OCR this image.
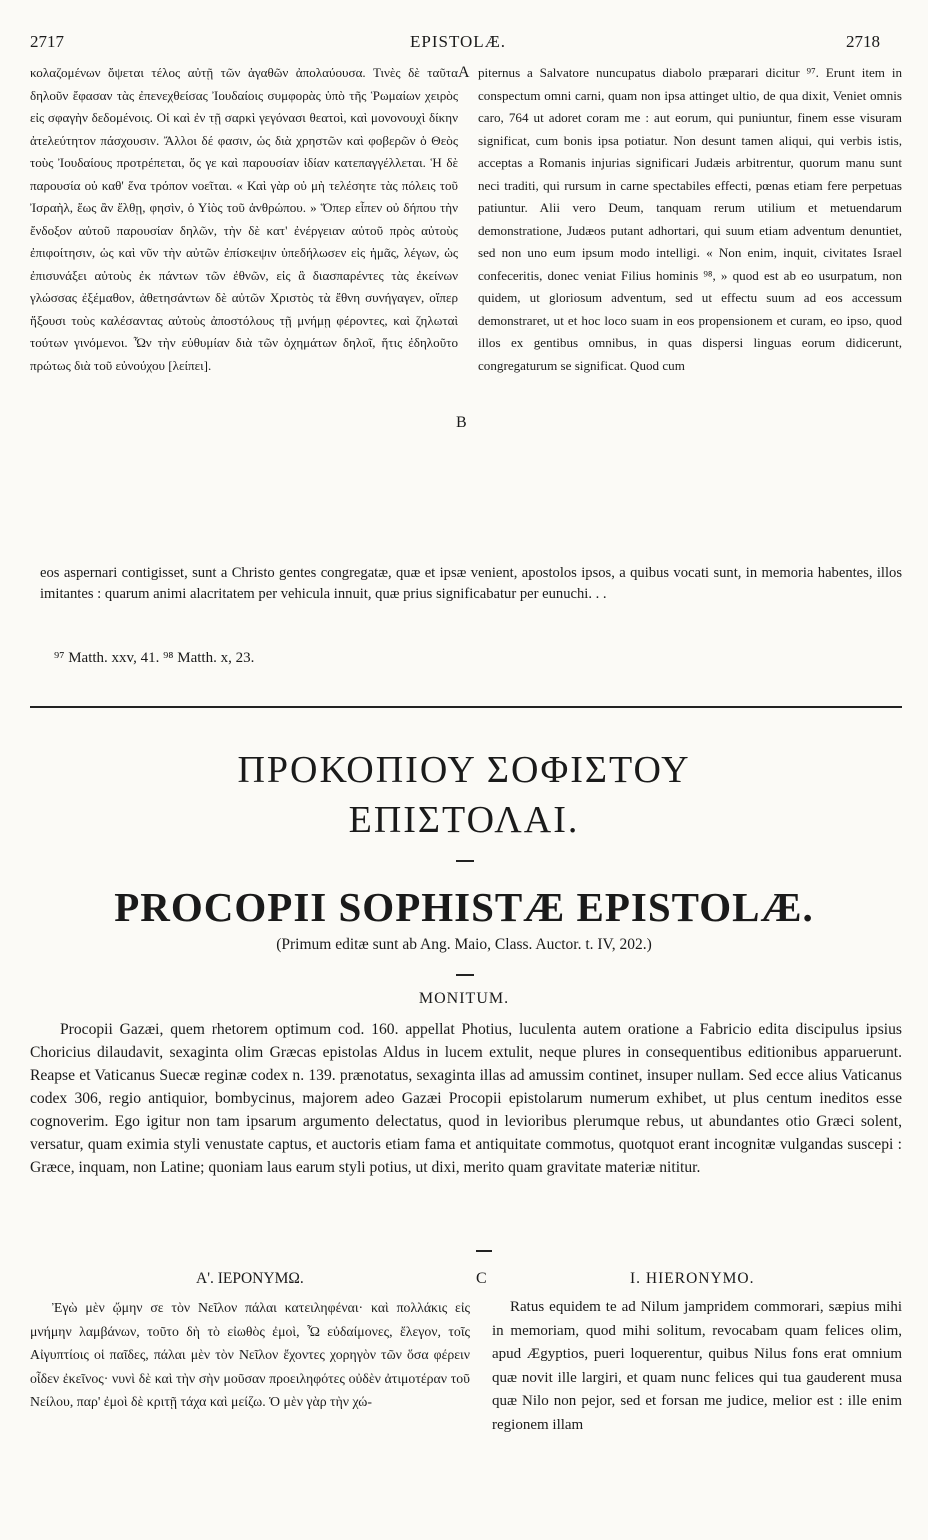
2717	EPISTOLÆ.	2718

κολαζομένων ὄψεται τέλος αὐτῇ τῶν ἀγαθῶν ἀπολαύουσα. Τινὲς δὲ ταῦτα δηλοῦν ἔφασαν τὰς ἐπενεχθείσας Ἰουδαίοις συμφορὰς ὑπὸ τῆς Ῥωμαίων χειρὸς εἰς σφαγὴν δεδομένοις. Οἱ καὶ ἐν τῇ σαρκὶ γεγόνασι θεατοὶ, καὶ μονονουχὶ δίκην ἀτελεύτητον πάσχουσιν. Ἄλλοι δέ φασιν, ὡς διὰ χρηστῶν καὶ φοβερῶν ὁ Θεὸς τοὺς Ἰουδαίους προτρέπεται, ὅς γε καὶ παρουσίαν ἰδίαν κατεπαγγέλλεται. Ἡ δὲ παρουσία οὐ καθ' ἕνα τρόπον νοεῖται. « Καὶ γὰρ οὐ μὴ τελέσητε τὰς πόλεις τοῦ Ἰσραὴλ, ἕως ἂν ἔλθῃ, φησὶν, ὁ Υἱὸς τοῦ ἀνθρώπου. » Ὅπερ εἶπεν οὐ δήπου τὴν ἔνδοξον αὐτοῦ παρουσίαν δηλῶν, τὴν δὲ κατ' ἐνέργειαν αὐτοῦ πρὸς αὐτοὺς ἐπιφοίτησιν, ὡς καὶ νῦν τὴν αὐτῶν ἐπίσκεψιν ὑπεδήλωσεν εἰς ἡμᾶς, λέγων, ὡς ἐπισυνάξει αὐτοὺς ἐκ πάντων τῶν ἐθνῶν, εἰς ἃ διασπαρέντες τὰς ἐκείνων γλώσσας ἐξέμαθον, ἀθετησάντων δὲ αὐτῶν Χριστὸς τὰ ἔθνη συνήγαγεν, οἵπερ ἥξουσι τοὺς καλέσαντας αὐτοὺς ἀποστόλους τῇ μνήμῃ φέροντες, καὶ ζηλωταὶ τούτων γινόμενοι. Ὧν τὴν εὐθυμίαν διὰ τῶν ὀχημάτων δηλοῖ, ἥτις ἐδηλοῦτο πρώτως διὰ τοῦ εὐνούχου [λείπει].

A
B

piternus a Salvatore nuncupatus diabolo præparari dicitur ⁹⁷. Erunt item in conspectum omni carni, quam non ipsa attinget ultio, de qua dixit, Veniet omnis caro, 764 ut adoret coram me : aut eorum, qui puniuntur, finem esse visuram significat, cum bonis ipsa potiatur. Non desunt tamen aliqui, qui verbis istis, acceptas a Romanis injurias significari Judæis arbitrentur, quorum manu sunt neci traditi, qui rursum in carne spectabiles effecti, pœnas etiam fere perpetuas patiuntur. Alii vero Deum, tanquam rerum utilium et metuendarum demonstratione, Judæos putant adhortari, qui suum etiam adventum denuntiet, sed non uno eum ipsum modo intelligi. « Non enim, inquit, civitates Israel confeceritis, donec veniat Filius hominis ⁹⁸, » quod est ab eo usurpatum, non quidem, ut gloriosum adventum, sed ut effectu suum ad eos accessum demonstraret, ut et hoc loco suam in eos propensionem et curam, eo ipso, quod illos ex gentibus omnibus, in quas dispersi linguas eorum didicerunt, congregaturum se significat. Quod cum

eos aspernari contigisset, sunt a Christo gentes congregatæ, quæ et ipsæ venient, apostolos ipsos, a quibus vocati sunt, in memoria habentes, illos imitantes : quarum animi alacritatem per vehicula innuit, quæ prius significabatur per eunuchi. . .
⁹⁷ Matth. xxv, 41. ⁹⁸ Matth. x, 23.
ΠΡΟΚΟΠΙΟΥ ΣΟΦΙΣΤΟΥ
ΕΠΙΣΤΟΛΑΙ.
PROCOPII SOPHISTÆ EPISTOLÆ.
(Primum editæ sunt ab Ang. Maio, Class. Auctor. t. IV, 202.)
MONITUM.
Procopii Gazæi, quem rhetorem optimum cod. 160. appellat Photius, luculenta autem oratione a Fabricio edita discipulus ipsius Choricius dilaudavit, sexaginta olim Græcas epistolas Aldus in lucem extulit, neque plures in consequentibus editionibus apparuerunt. Reapse et Vaticanus Suecæ reginæ codex n. 139. prænotatus, sexaginta illas ad amussim continet, insuper nullam. Sed ecce alius Vaticanus codex 306, regio antiquior, bombycinus, majorem adeo Gazæi Procopii epistolarum numerum exhibet, ut plus centum ineditos esse cognoverim. Ego igitur non tam ipsarum argumento delectatus, quod in levioribus plerumque rebus, ut abundantes otio Græci solent, versatur, quam eximia styli venustate captus, et auctoris etiam fama et antiquitate commotus, quotquot erant incognitæ vulgandas suscepi : Græce, inquam, non Latine; quoniam laus earum styli potius, ut dixi, merito quam gravitate materiæ nititur.
Α'. ΙΕΡΟΝΥΜΩ.	C	I. HIERONYMO.

Ἐγὼ μὲν ᾤμην σε τὸν Νεῖλον πάλαι κατειληφέναι· καὶ πολλάκις εἰς μνήμην λαμβάνων, τοῦτο δὴ τὸ εἰωθὸς ἐμοὶ, Ὦ εὐδαίμονες, ἔλεγον, τοῖς Αἰγυπτίοις οἱ παῖδες, πάλαι μὲν τὸν Νεῖλον ἔχοντες χορηγὸν τῶν ὅσα φέρειν οἶδεν ἐκεῖνος· νυνὶ δὲ καὶ τὴν σὴν μοῦσαν προειληφότες οὐδὲν ἀτιμοτέραν τοῦ Νείλου, παρ' ἐμοὶ δὲ κριτῇ τάχα καὶ μείζω. Ὁ μὲν γὰρ τὴν χώ-

Ratus equidem te ad Nilum jampridem commorari, sæpius mihi in memoriam, quod mihi solitum, revocabam quam felices olim, apud Ægyptios, pueri loquerentur, quibus Nilus fons erat omnium quæ novit ille largiri, et quam nunc felices qui tua gauderent musa quæ Nilo non pejor, sed et forsan me judice, melior est : ille enim regionem illam
